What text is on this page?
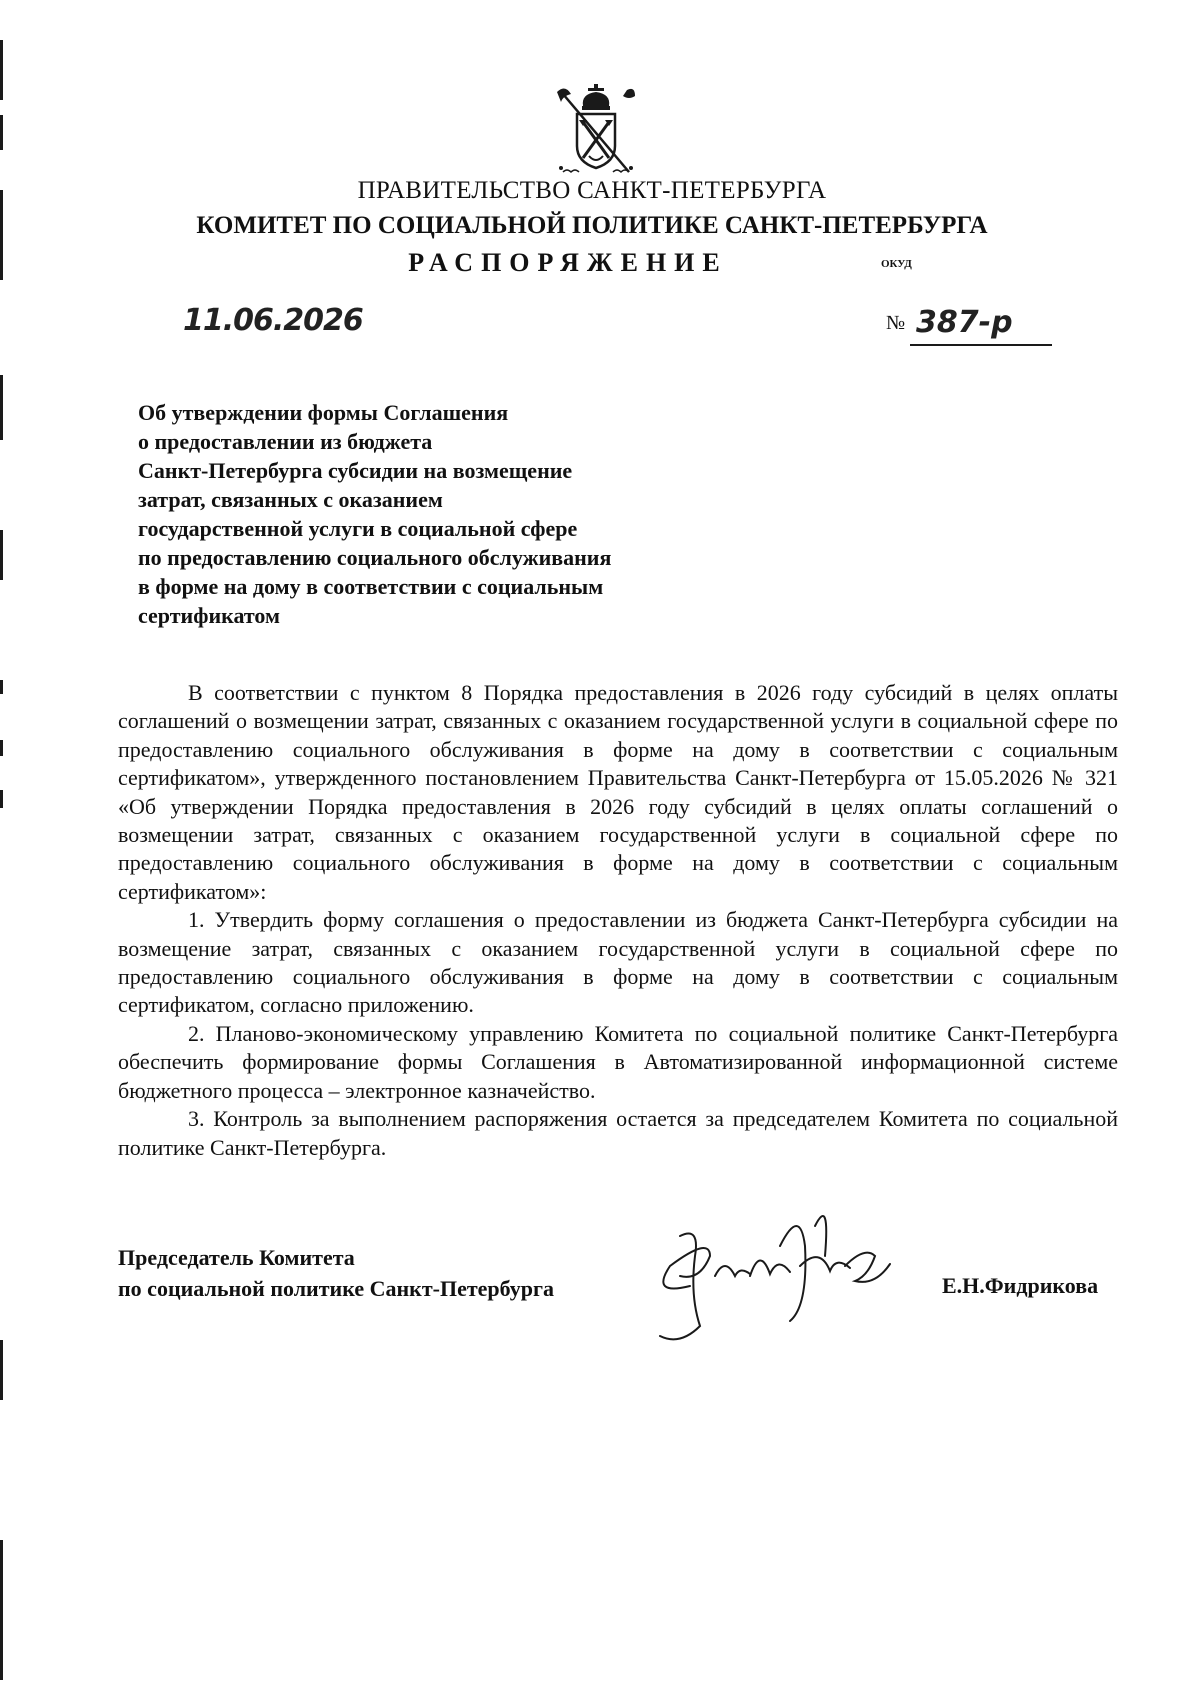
ПРАВИТЕЛЬСТВО САНКТ-ПЕТЕРБУРГА
КОМИТЕТ ПО СОЦИАЛЬНОЙ ПОЛИТИКЕ САНКТ-ПЕТЕРБУРГА
РАСПОРЯЖЕНИЕ	ОКУД
11.06.2026	№ 387-р
Об утверждении формы Соглашения
о предоставлении из бюджета
Санкт-Петербурга субсидии на возмещение
затрат, связанных с оказанием
государственной услуги в социальной сфере
по предоставлению социального обслуживания
в форме на дому в соответствии с социальным
сертификатом

В соответствии с пунктом 8 Порядка предоставления в 2026 году субсидий в целях оплаты соглашений о возмещении затрат, связанных с оказанием государственной услуги в социальной сфере по предоставлению социального обслуживания в форме на дому в соответствии с социальным сертификатом», утвержденного постановлением Правительства Санкт-Петербурга от 15.05.2026 № 321 «Об утверждении Порядка предоставления в 2026 году субсидий в целях оплаты соглашений о возмещении затрат, связанных с оказанием государственной услуги в социальной сфере по предоставлению социального обслуживания в форме на дому в соответствии с социальным сертификатом»:

1. Утвердить форму соглашения о предоставлении из бюджета Санкт-Петербурга субсидии на возмещение затрат, связанных с оказанием государственной услуги в социальной сфере по предоставлению социального обслуживания в форме на дому в соответствии с социальным сертификатом, согласно приложению.

2. Планово-экономическому управлению Комитета по социальной политике Санкт-Петербурга обеспечить формирование формы Соглашения в Автоматизированной информационной системе бюджетного процесса – электронное казначейство.

3. Контроль за выполнением распоряжения остается за председателем Комитета по социальной политике Санкт-Петербурга.

Председатель Комитета
по социальной политике Санкт-Петербурга	Е.Н.Фидрикова
